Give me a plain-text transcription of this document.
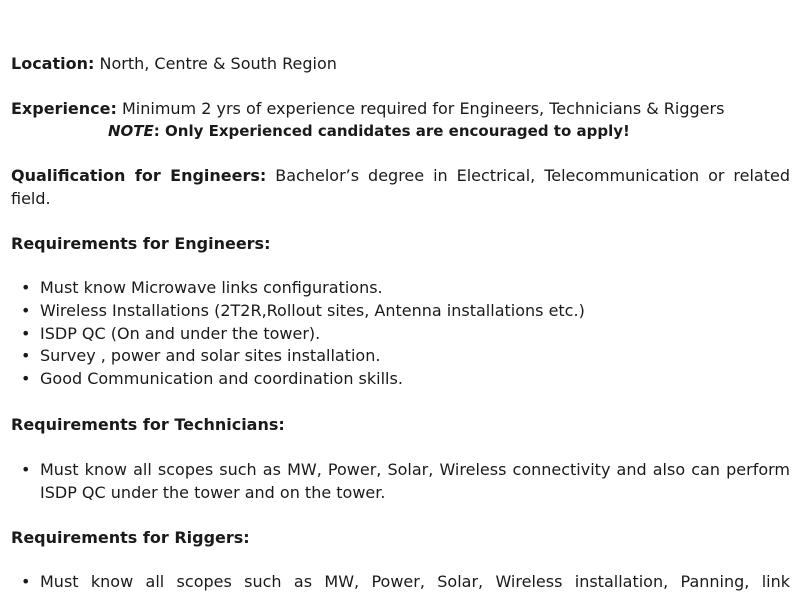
Location: North, Centre & South Region
Experience: Minimum 2 yrs of experience required for Engineers, Technicians & Riggers
NOTE: Only Experienced candidates are encouraged to apply!
Qualification for Engineers: Bachelor’s degree in Electrical, Telecommunication or related field.
Requirements for Engineers:
• Must know Microwave links configurations.
• Wireless Installations (2T2R,Rollout sites, Antenna installations etc.)
• ISDP QC (On and under the tower).
• Survey , power and solar sites installation.
• Good Communication and coordination skills.
Requirements for Technicians:
• Must know all scopes such as MW, Power, Solar, Wireless connectivity and also can perform ISDP QC under the tower and on the tower.
Requirements for Riggers:
• Must know all scopes such as MW, Power, Solar, Wireless installation, Panning, link
